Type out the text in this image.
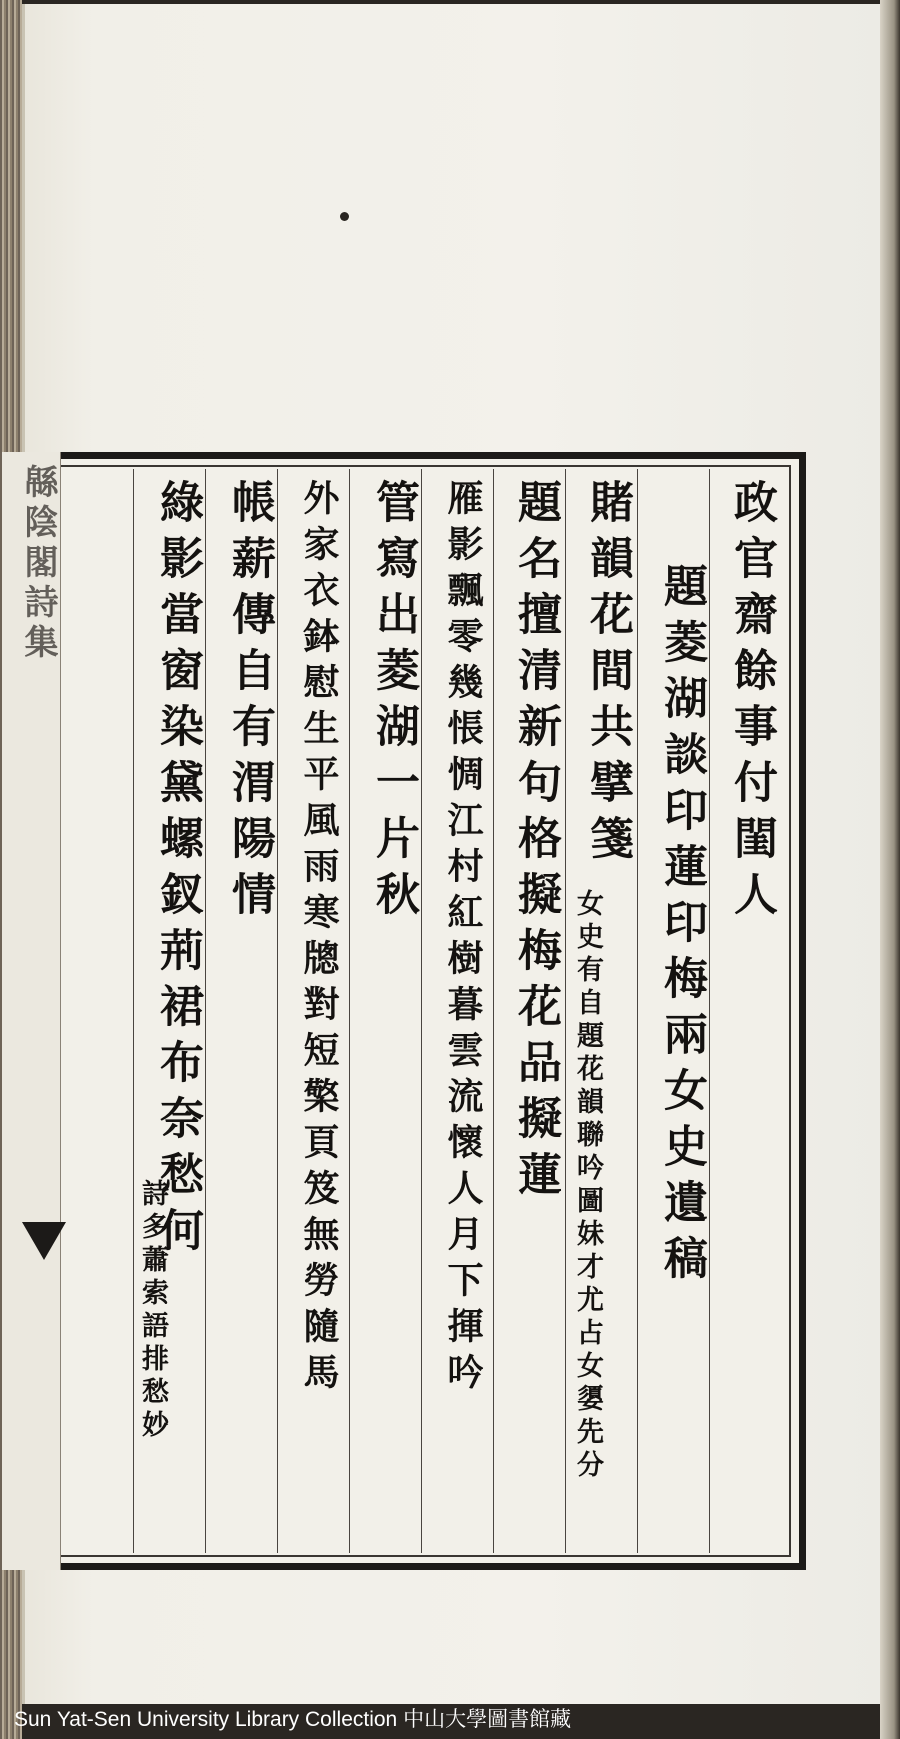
政官齋餘事付閨人
題菱湖談印蓮印梅兩女史遺稿
賭韻花間共擘箋
女史有自題花韻聯吟圖妹才尤占女嬃先分
題名擅清新句格擬梅花品擬蓮
雁影飄零幾悵惆江村紅樹暮雲流懷人月下揮吟
管寫出菱湖一片秋
外家衣鉢慰生平風雨寒牕對短檠頁笈無勞隨馬
帳薪傳自有渭陽情
綠影當窗染黛螺釵荊裙布奈愁何
詩多蕭索語排愁妙
緜陰閣詩集
Sun Yat-Sen University Library Collection 中山大學圖書館藏
